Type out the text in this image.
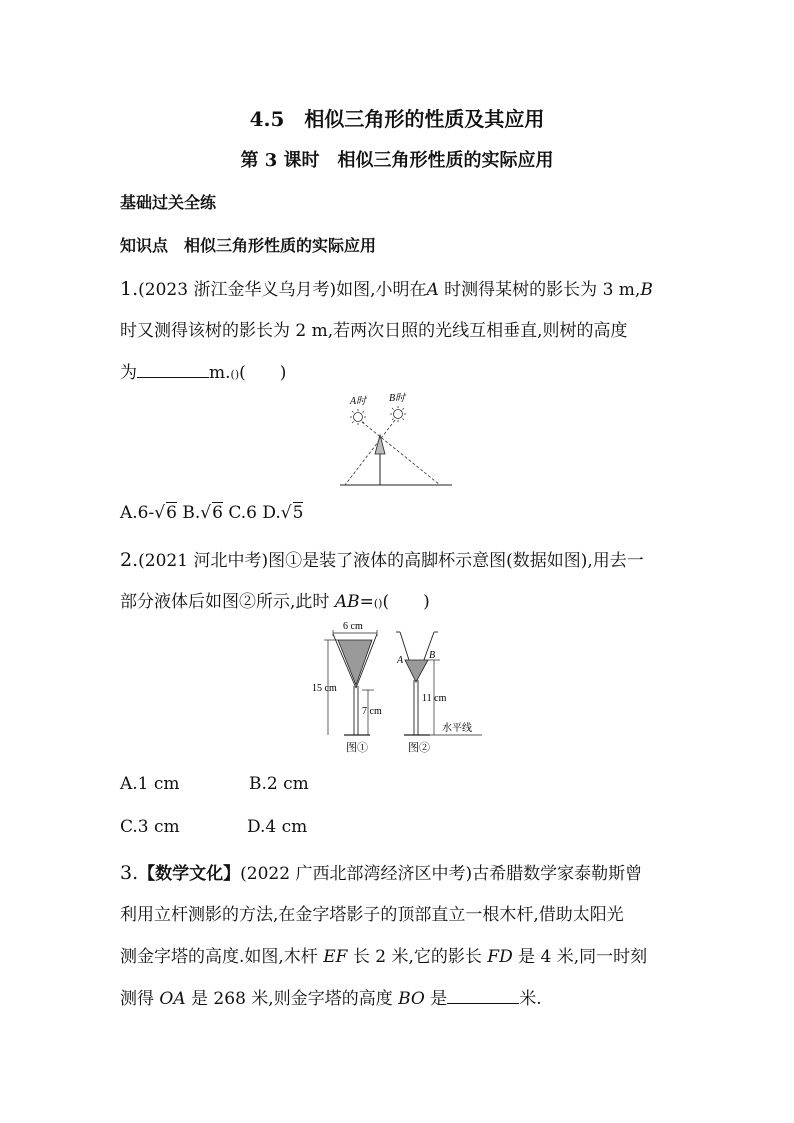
4.5　相似三角形的性质及其应用
第 3 课时　相似三角形性质的实际应用
基础过关全练
知识点　相似三角形性质的实际应用
1.(2023 浙江金华义乌月考)如图,小明在A 时测得某树的影长为 3 m,B
时又测得该树的影长为 2 m,若两次日照的光线互相垂直,则树的高度
为	m.()(　　)
A时 B时
A.6-√6 B.√6 C.6 D.√5
2.(2021 河北中考)图①是装了液体的高脚杯示意图(数据如图),用去一
部分液体后如图②所示,此时 AB=()(　　)
6 cm
15 cm
7 cm
图①
A	B
11 cm
水平线
图②
A.1 cm	B.2 cm
C.3 cm	D.4 cm
3.【数学文化】(2022 广西北部湾经济区中考)古希腊数学家泰勒斯曾
利用立杆测影的方法,在金字塔影子的顶部直立一根木杆,借助太阳光
测金字塔的高度.如图,木杆 EF 长 2 米,它的影长 FD 是 4 米,同一时刻
测得 OA 是 268 米,则金字塔的高度 BO 是	米.
